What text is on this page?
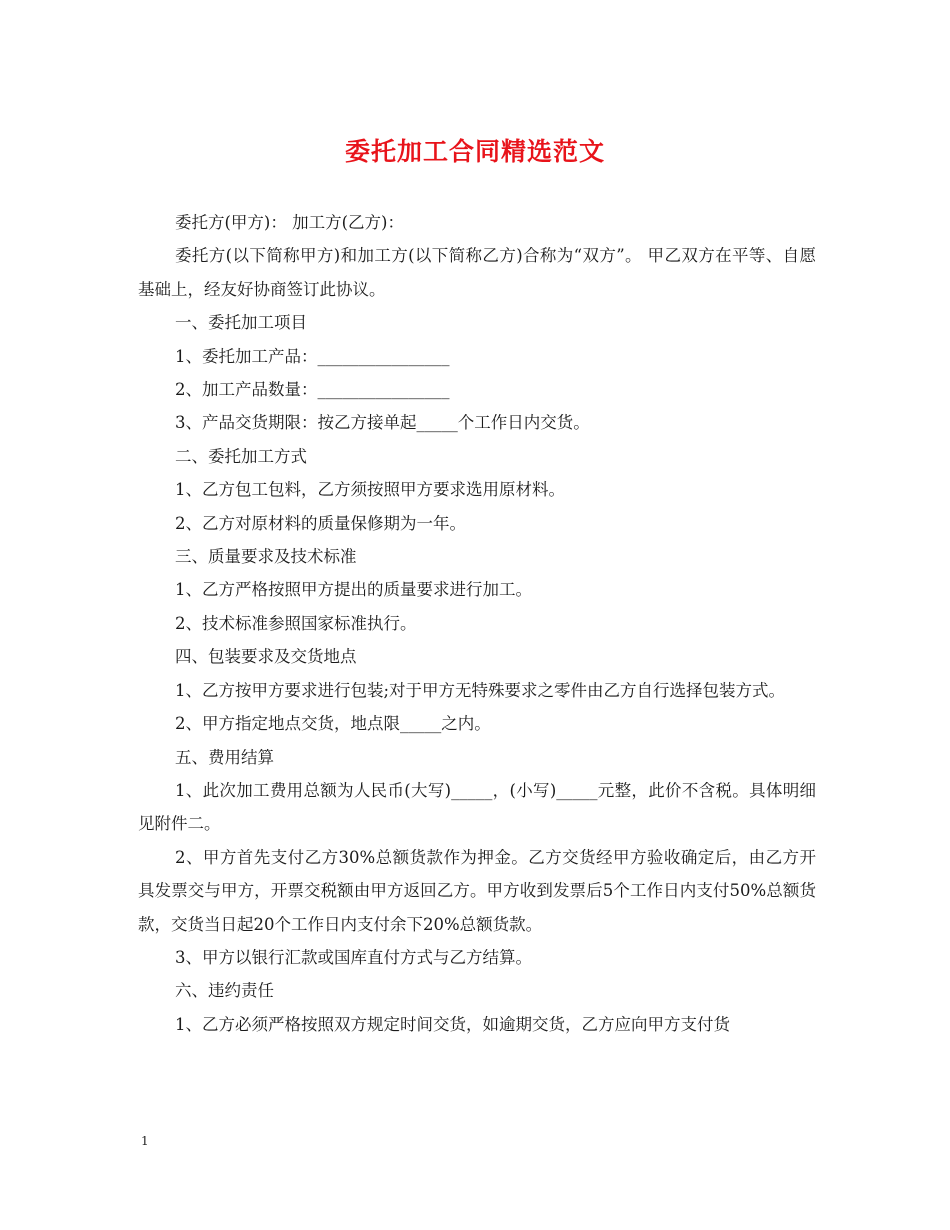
委托加工合同精选范文

委托方(甲方)： 加工方(乙方)：

委托方(以下简称甲方)和加工方(以下简称乙方)合称为“双方”。 甲乙双方在平等、自愿基础上，经友好协商签订此协议。

一、委托加工项目

1、委托加工产品：________________

2、加工产品数量：________________

3、产品交货期限：按乙方接单起_____个工作日内交货。

二、委托加工方式

1、乙方包工包料，乙方须按照甲方要求选用原材料。

2、乙方对原材料的质量保修期为一年。

三、质量要求及技术标准

1、乙方严格按照甲方提出的质量要求进行加工。

2、技术标准参照国家标准执行。

四、包装要求及交货地点

1、乙方按甲方要求进行包装;对于甲方无特殊要求之零件由乙方自行选择包装方式。

2、甲方指定地点交货，地点限_____之内。

五、费用结算

1、此次加工费用总额为人民币(大写)_____，(小写)_____元整，此价不含税。具体明细见附件二。

2、甲方首先支付乙方30%总额货款作为押金。乙方交货经甲方验收确定后，由乙方开具发票交与甲方，开票交税额由甲方返回乙方。甲方收到发票后5个工作日内支付50%总额货款，交货当日起20个工作日内支付余下20%总额货款。

3、甲方以银行汇款或国库直付方式与乙方结算。

六、违约责任

1、乙方必须严格按照双方规定时间交货，如逾期交货，乙方应向甲方支付货

1
